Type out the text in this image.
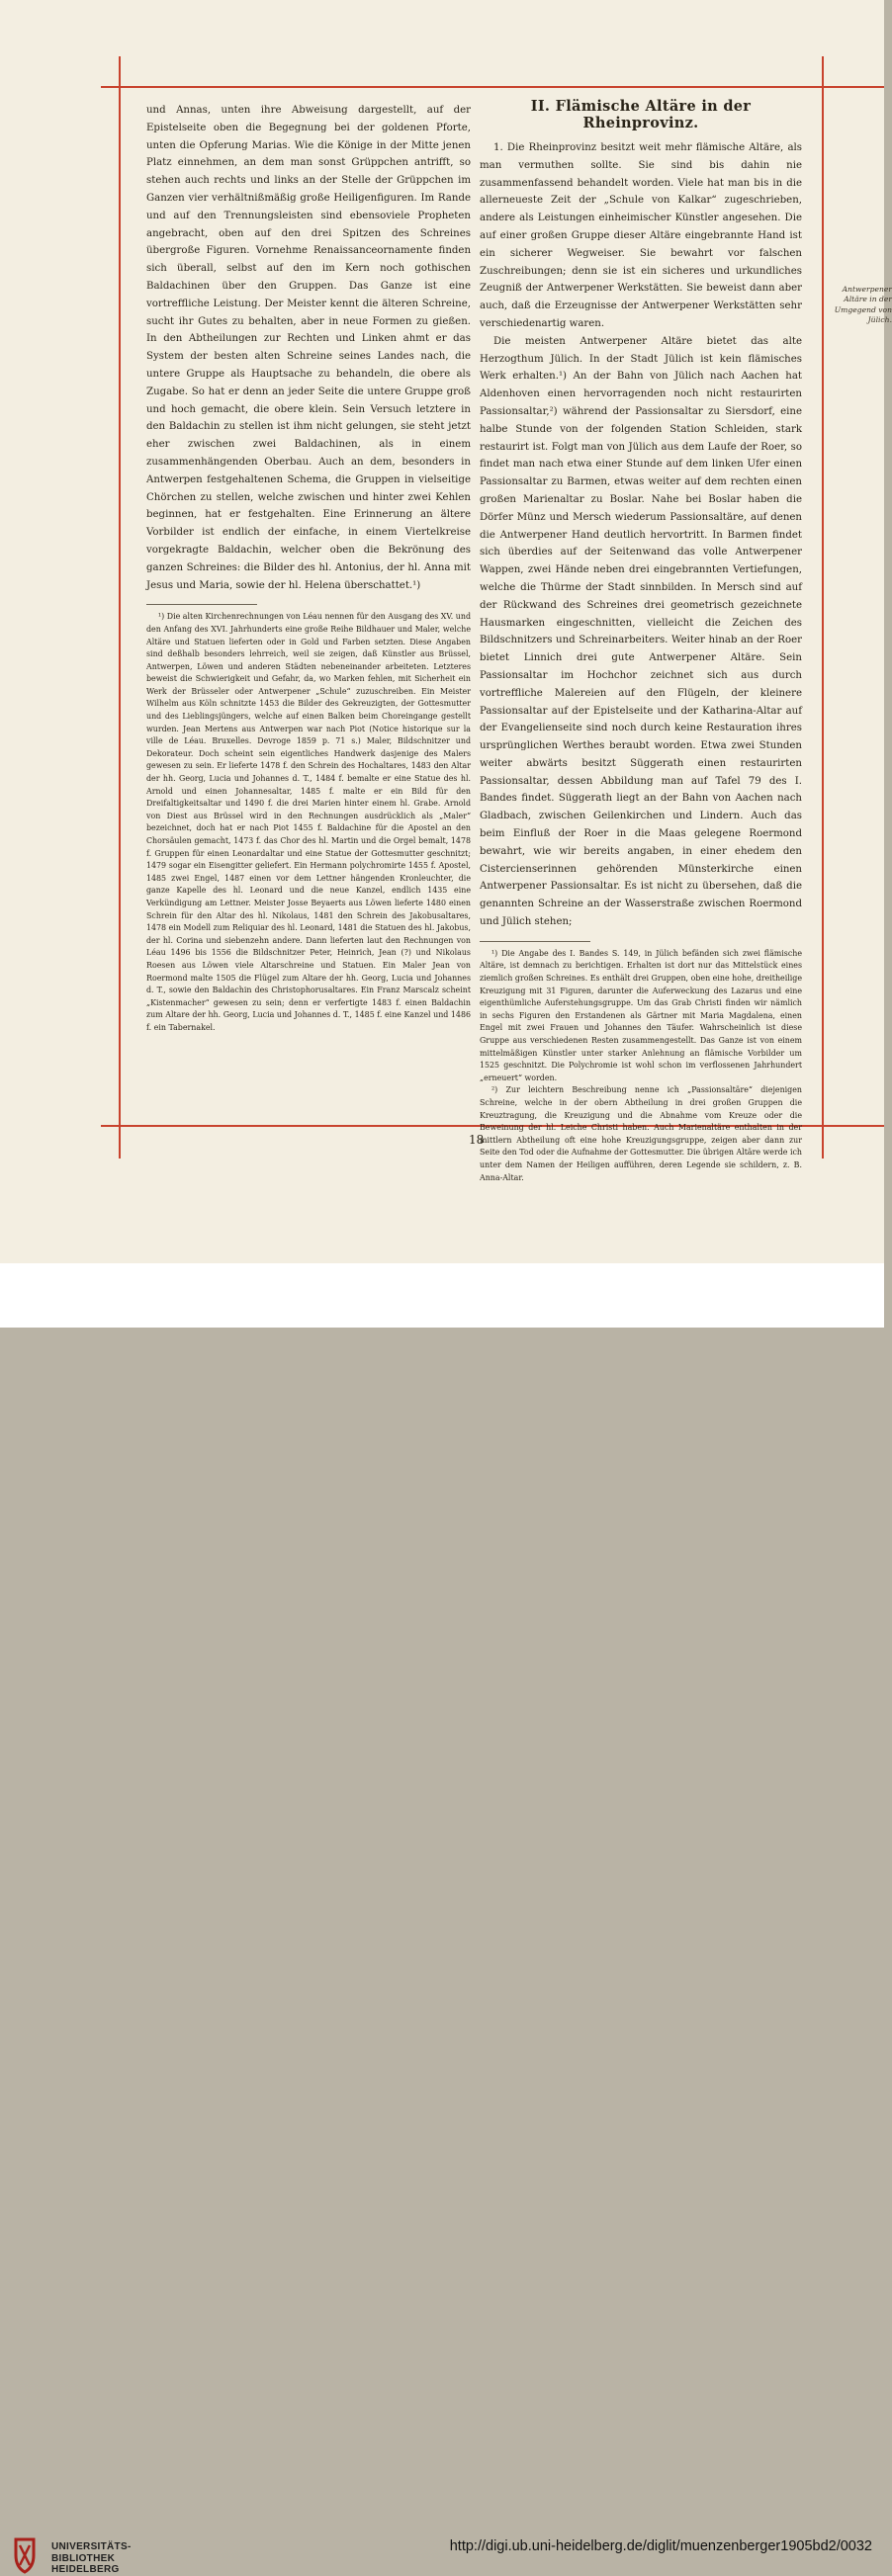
und Annas, unten ihre Abweisung dargestellt, auf der Epistelseite oben die Begegnung bei der goldenen Pforte, unten die Opferung Marias. Wie die Könige in der Mitte jenen Platz einnehmen, an dem man sonst Grüppchen antrifft, so stehen auch rechts und links an der Stelle der Grüppchen im Ganzen vier verhältnißmäßig große Heiligenfiguren. Im Rande und auf den Trennungsleisten sind ebensoviele Propheten angebracht, oben auf den drei Spitzen des Schreines übergroße Figuren. Vornehme Renaissanceornamente finden sich überall, selbst auf den im Kern noch gothischen Baldachinen über den Gruppen. Das Ganze ist eine vortreffliche Leistung. Der Meister kennt die älteren Schreine, sucht ihr Gutes zu behalten, aber in neue Formen zu gießen. In den Abtheilungen zur Rechten und Linken ahmt er das System der besten alten Schreine seines Landes nach, die untere Gruppe als Hauptsache zu behandeln, die obere als Zugabe. So hat er denn an jeder Seite die untere Gruppe groß und hoch gemacht, die obere klein. Sein Versuch letztere in den Baldachin zu stellen ist ihm nicht gelungen, sie steht jetzt eher zwischen zwei Baldachinen, als in einem zusammenhängenden Oberbau. Auch an dem, besonders in Antwerpen festgehaltenen Schema, die Gruppen in vielseitige Chörchen zu stellen, welche zwischen und hinter zwei Kehlen beginnen, hat er festgehalten. Eine Erinnerung an ältere Vorbilder ist endlich der einfache, in einem Viertelkreise vorgekragte Baldachin, welcher oben die Bekrönung des ganzen Schreines: die Bilder des hl. Antonius, der hl. Anna mit Jesus und Maria, sowie der hl. Helena überschattet.¹)

¹) Die alten Kirchenrechnungen von Léau nennen für den Ausgang des XV. und den Anfang des XVI. Jahrhunderts eine große Reihe Bildhauer und Maler, welche Altäre und Statuen lieferten oder in Gold und Farben setzten. Diese Angaben sind deßhalb besonders lehrreich, weil sie zeigen, daß Künstler aus Brüssel, Antwerpen, Löwen und anderen Städten nebeneinander arbeiteten. Letzteres beweist die Schwierigkeit und Gefahr, da, wo Marken fehlen, mit Sicherheit ein Werk der Brüsseler oder Antwerpener „Schule“ zuzuschreiben. Ein Meister Wilhelm aus Köln schnitzte 1453 die Bilder des Gekreuzigten, der Gottesmutter und des Lieblingsjüngers, welche auf einen Balken beim Choreingange gestellt wurden. Jean Mertens aus Antwerpen war nach Piot (Notice historique sur la ville de Léau. Bruxelles. Devroge 1859 p. 71 s.) Maler, Bildschnitzer und Dekorateur. Doch scheint sein eigentliches Handwerk dasjenige des Malers gewesen zu sein. Er lieferte 1478 f. den Schrein des Hochaltares, 1483 den Altar der hh. Georg, Lucia und Johannes d. T., 1484 f. bemalte er eine Statue des hl. Arnold und einen Johannesaltar, 1485 f. malte er ein Bild für den Dreifaltigkeitsaltar und 1490 f. die drei Marien hinter einem hl. Grabe. Arnold von Diest aus Brüssel wird in den Rechnungen ausdrücklich als „Maler“ bezeichnet, doch hat er nach Piot 1455 f. Baldachine für die Apostel an den Chorsäulen gemacht, 1473 f. das Chor des hl. Martin und die Orgel bemalt, 1478 f. Gruppen für einen Leonardaltar und eine Statue der Gottesmutter geschnitzt; 1479 sogar ein Eisengitter geliefert. Ein Hermann polychromirte 1455 f. Apostel, 1485 zwei Engel, 1487 einen vor dem Lettner hängenden Kronleuchter, die ganze Kapelle des hl. Leonard und die neue Kanzel, endlich 1435 eine Verkündigung am Lettner. Meister Josse Beyaerts aus Löwen lieferte 1480 einen Schrein für den Altar des hl. Nikolaus, 1481 den Schrein des Jakobusaltares, 1478 ein Modell zum Reliquiar des hl. Leonard, 1481 die Statuen des hl. Jakobus, der hl. Corina und siebenzehn andere. Dann lieferten laut den Rechnungen von Léau 1496 bis 1556 die Bildschnitzer Peter, Heinrich, Jean (?) und Nikolaus Roesen aus Löwen viele Altarschreine und Statuen. Ein Maler Jean von Roermond malte 1505 die Flügel zum Altare der hh. Georg, Lucia und Johannes d. T., sowie den Baldachin des Christophorusaltares. Ein Franz Marscalz scheint „Kistenmacher“ gewesen zu sein; denn er verfertigte 1483 f. einen Baldachin zum Altare der hh. Georg, Lucia und Johannes d. T., 1485 f. eine Kanzel und 1486 f. ein Tabernakel.

II. Flämische Altäre in der Rheinprovinz.

1. Die Rheinprovinz besitzt weit mehr flämische Altäre, als man vermuthen sollte. Sie sind bis dahin nie zusammenfassend behandelt worden. Viele hat man bis in die allerneueste Zeit der „Schule von Kalkar“ zugeschrieben, andere als Leistungen einheimischer Künstler angesehen. Die auf einer großen Gruppe dieser Altäre eingebrannte Hand ist ein sicherer Wegweiser. Sie bewahrt vor falschen Zuschreibungen; denn sie ist ein sicheres und urkundliches Zeugniß der Antwerpener Werkstätten. Sie beweist dann aber auch, daß die Erzeugnisse der Antwerpener Werkstätten sehr verschiedenartig waren.

Die meisten Antwerpener Altäre bietet das alte Herzogthum Jülich. In der Stadt Jülich ist kein flämisches Werk erhalten.¹) An der Bahn von Jülich nach Aachen hat Aldenhoven einen hervorragenden noch nicht restaurirten Passionsaltar,²) während der Passionsaltar zu Siersdorf, eine halbe Stunde von der folgenden Station Schleiden, stark restaurirt ist. Folgt man von Jülich aus dem Laufe der Roer, so findet man nach etwa einer Stunde auf dem linken Ufer einen Passionsaltar zu Barmen, etwas weiter auf dem rechten einen großen Marienaltar zu Boslar. Nahe bei Boslar haben die Dörfer Münz und Mersch wiederum Passionsaltäre, auf denen die Antwerpener Hand deutlich hervortritt. In Barmen findet sich überdies auf der Seitenwand das volle Antwerpener Wappen, zwei Hände neben drei eingebrannten Vertiefungen, welche die Thürme der Stadt sinnbilden. In Mersch sind auf der Rückwand des Schreines drei geometrisch gezeichnete Hausmarken eingeschnitten, vielleicht die Zeichen des Bildschnitzers und Schreinarbeiters. Weiter hinab an der Roer bietet Linnich drei gute Antwerpener Altäre. Sein Passionsaltar im Hochchor zeichnet sich aus durch vortreffliche Malereien auf den Flügeln, der kleinere Passionsaltar auf der Epistelseite und der Katharina-Altar auf der Evangelienseite sind noch durch keine Restauration ihres ursprünglichen Werthes beraubt worden. Etwa zwei Stunden weiter abwärts besitzt Süggerath einen restaurirten Passionsaltar, dessen Abbildung man auf Tafel 79 des I. Bandes findet. Süggerath liegt an der Bahn von Aachen nach Gladbach, zwischen Geilenkirchen und Lindern. Auch das beim Einfluß der Roer in die Maas gelegene Roermond bewahrt, wie wir bereits angaben, in einer ehedem den Cistercienserinnen gehörenden Münsterkirche einen Antwerpener Passionsaltar. Es ist nicht zu übersehen, daß die genannten Schreine an der Wasserstraße zwischen Roermond und Jülich stehen;

¹) Die Angabe des I. Bandes S. 149, in Jülich befänden sich zwei flämische Altäre, ist demnach zu berichtigen. Erhalten ist dort nur das Mittelstück eines ziemlich großen Schreines. Es enthält drei Gruppen, oben eine hohe, dreitheilige Kreuzigung mit 31 Figuren, darunter die Auferweckung des Lazarus und eine eigenthümliche Auferstehungsgruppe. Um das Grab Christi finden wir nämlich in sechs Figuren den Erstandenen als Gärtner mit Maria Magdalena, einen Engel mit zwei Frauen und Johannes den Täufer. Wahrscheinlich ist diese Gruppe aus verschiedenen Resten zusammengestellt. Das Ganze ist von einem mittelmäßigen Künstler unter starker Anlehnung an flämische Vorbilder um 1525 geschnitzt. Die Polychromie ist wohl schon im verflossenen Jahrhundert „erneuert“ worden.

²) Zur leichtern Beschreibung nenne ich „Passionsaltäre“ diejenigen Schreine, welche in der obern Abtheilung in drei großen Gruppen die Kreuztragung, die Kreuzigung und die Abnahme vom Kreuze oder die Beweinung der hl. Leiche Christi haben. Auch Marienaltäre enthalten in der mittlern Abtheilung oft eine hohe Kreuzigungsgruppe, zeigen aber dann zur Seite den Tod oder die Aufnahme der Gottesmutter. Die übrigen Altäre werde ich unter dem Namen der Heiligen aufführen, deren Legende sie schildern, z. B. Anna-Altar.

Antwerpener Altäre in der Umgegend von Jülich.
18
UNIVERSITÄTS-
BIBLIOTHEK
HEIDELBERG
http://digi.ub.uni-heidelberg.de/diglit/muenzenberger1905bd2/0032
